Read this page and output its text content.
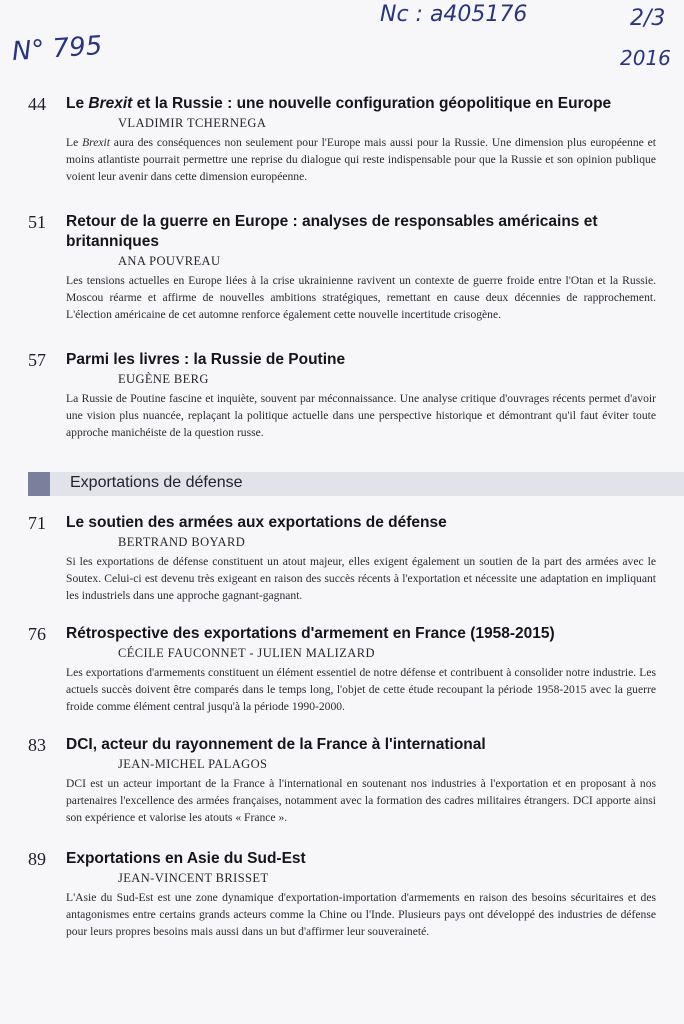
N° 795
Nc : a405176	2/3
2016
44	Le Brexit et la Russie : une nouvelle configuration géopolitique en Europe
VLADIMIR TCHERNEGA
Le Brexit aura des conséquences non seulement pour l'Europe mais aussi pour la Russie. Une dimension plus européenne et moins atlantiste pourrait permettre une reprise du dialogue qui reste indispensable pour que la Russie et son opinion publique voient leur avenir dans cette dimension européenne.
51	Retour de la guerre en Europe : analyses de responsables américains et britanniques
ANA POUVREAU
Les tensions actuelles en Europe liées à la crise ukrainienne ravivent un contexte de guerre froide entre l'Otan et la Russie. Moscou réarme et affirme de nouvelles ambitions stratégiques, remettant en cause deux décennies de rapprochement. L'élection américaine de cet automne renforce également cette nouvelle incertitude crisogène.
57	Parmi les livres : la Russie de Poutine
EUGÈNE BERG
La Russie de Poutine fascine et inquiète, souvent par méconnaissance. Une analyse critique d'ouvrages récents permet d'avoir une vision plus nuancée, replaçant la politique actuelle dans une perspective historique et démontrant qu'il faut éviter toute approche manichéiste de la question russe.
Exportations de défense
71	Le soutien des armées aux exportations de défense
BERTRAND BOYARD
Si les exportations de défense constituent un atout majeur, elles exigent également un soutien de la part des armées avec le Soutex. Celui-ci est devenu très exigeant en raison des succès récents à l'exportation et nécessite une adaptation en impliquant les industriels dans une approche gagnant-gagnant.
76	Rétrospective des exportations d'armement en France (1958-2015)
CÉCILE FAUCONNET - JULIEN MALIZARD
Les exportations d'armements constituent un élément essentiel de notre défense et contribuent à consolider notre industrie. Les actuels succès doivent être comparés dans le temps long, l'objet de cette étude recoupant la période 1958-2015 avec la guerre froide comme élément central jusqu'à la période 1990-2000.
83	DCI, acteur du rayonnement de la France à l'international
JEAN-MICHEL PALAGOS
DCI est un acteur important de la France à l'international en soutenant nos industries à l'exportation et en proposant à nos partenaires l'excellence des armées françaises, notamment avec la formation des cadres militaires étrangers. DCI apporte ainsi son expérience et valorise les atouts « France ».
89	Exportations en Asie du Sud-Est
JEAN-VINCENT BRISSET
L'Asie du Sud-Est est une zone dynamique d'exportation-importation d'armements en raison des besoins sécuritaires et des antagonismes entre certains grands acteurs comme la Chine ou l'Inde. Plusieurs pays ont développé des industries de défense pour leurs propres besoins mais aussi dans un but d'affirmer leur souveraineté.
